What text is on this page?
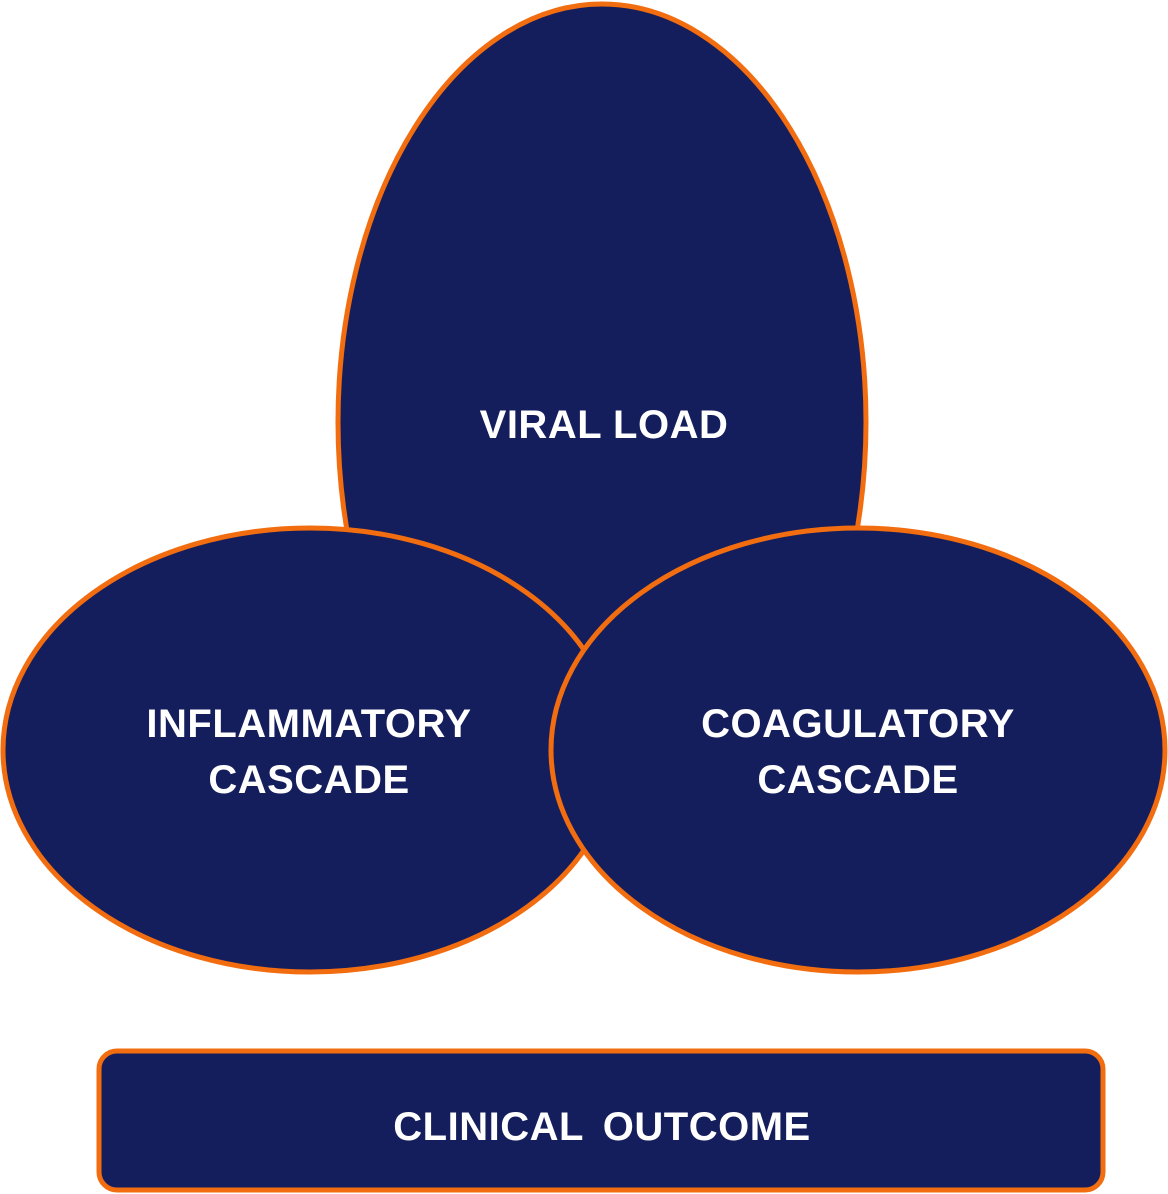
VIRAL LOAD
INFLAMMATORY
CASCADE
COAGULATORY
CASCADE
CLINICAL OUTCOME
